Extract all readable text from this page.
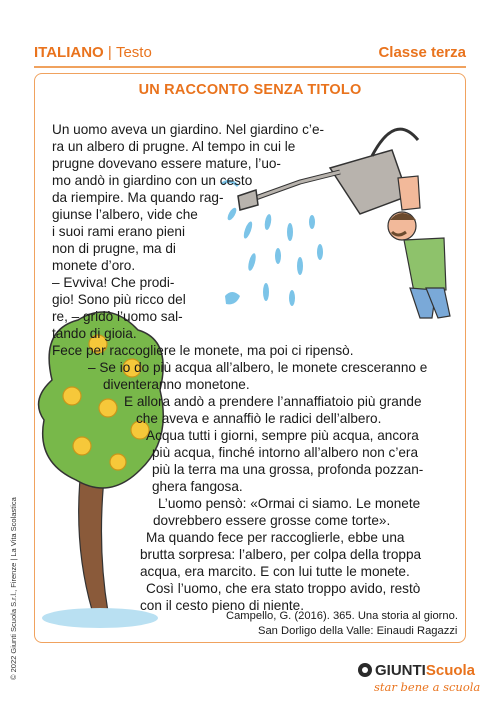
ITALIANO | Testo	Classe terza
UN RACCONTO SENZA TITOLO
Un uomo aveva un giardino. Nel giardino c’e-
ra un albero di prugne. Al tempo in cui le
prugne dovevano essere mature, l’uo-
mo andò in giardino con un cesto
da riempire. Ma quando rag-
giunse l’albero, vide che
i suoi rami erano pieni
non di prugne, ma di
monete d’oro.
– Evviva! Che prodi-
gio! Sono più ricco del
re, – gridò l’uomo sal-
tando di gioia.
Fece per raccogliere le monete, ma poi ci ripensò.
– Se io do più acqua all’albero, le monete cresceranno e
diventeranno monetone.
E allora andò a prendere l’annaffiatoio più grande
che aveva e annaffiò le radici dell’albero.
Acqua tutti i giorni, sempre più acqua, ancora
più acqua, finché intorno all’albero non c’era
più la terra ma una grossa, profonda pozzan-
ghera fangosa.
L’uomo pensò: «Ormai ci siamo. Le monete
dovrebbero essere grosse come torte».
Ma quando fece per raccoglierle, ebbe una
brutta sorpresa: l’albero, per colpa della troppa
acqua, era marcito. E con lui tutte le monete.
Così l’uomo, che era stato troppo avido, restò
con il cesto pieno di niente.
Campello, G. (2016). 365. Una storia al giorno.
San Dorligo della Valle: Einaudi Ragazzi
© 2022 Giunti Scuola S.r.l., Firenze | La Vita Scolastica	GIUNTIScuola
star bene a scuola
